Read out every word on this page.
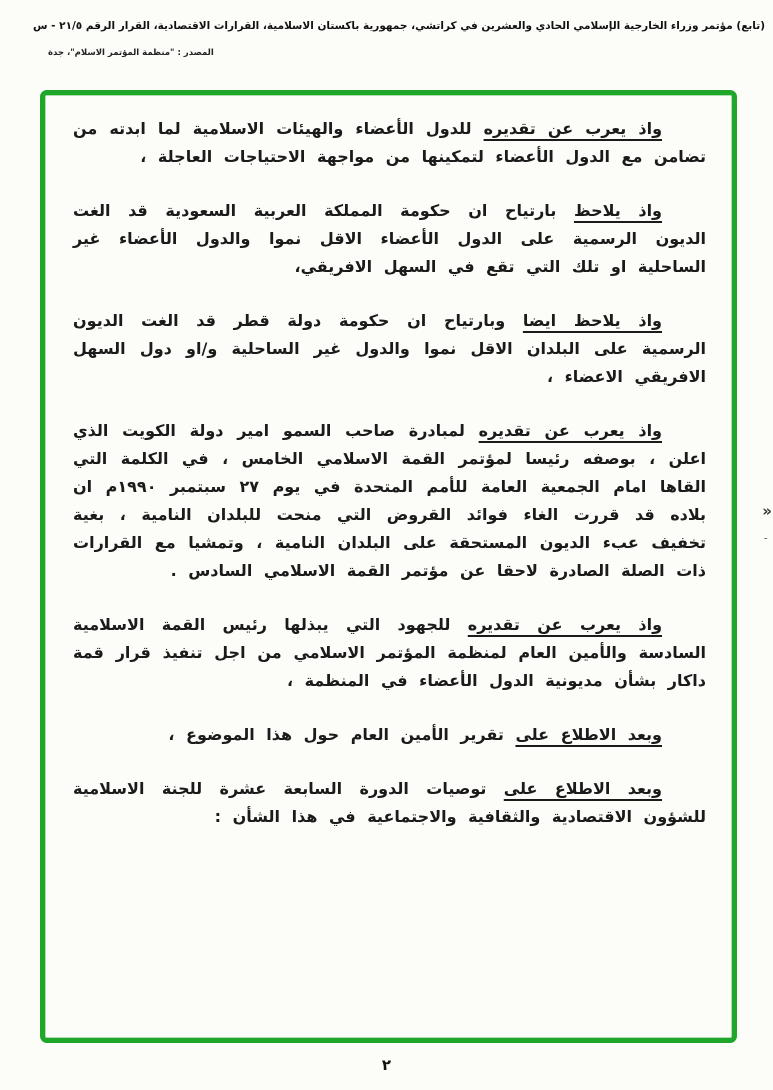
(تابع) مؤتمر وزراء الخارجية الإسلامي الحادي والعشرين في كراتشي، جمهورية باكستان الاسلامية، القرارات الاقتصادية، القرار الرقم ٢١/٥ - س
المصدر : "منظمة المؤتمر الاسلام"، جدة

واذ يعرب عن تقديره للدول الأعضاء والهيئات الاسلامية لما ابدته من تضامن مع الدول الأعضاء لتمكينها من مواجهة الاحتياجات العاجلة ،

واذ يلاحظ بارتياح ان حكومة المملكة العربية السعودية قد الغت الديون الرسمية على الدول الأعضاء الاقل نموا والدول الأعضاء غير الساحلية او تلك التي تقع في السهل الافريقي،

واذ يلاحظ ايضا وبارتياح ان حكومة دولة قطر قد الغت الديون الرسمية على البلدان الاقل نموا والدول غير الساحلية و/او دول السهل الافريقي الاعضاء ،

واذ يعرب عن تقديره لمبادرة صاحب السمو امير دولة الكويت الذي اعلن ، بوصفه رئيسا لمؤتمر القمة الاسلامي الخامس ، في الكلمة التي القاها امام الجمعية العامة للأمم المتحدة في يوم ٢٧ سبتمبر ١٩٩٠م ان بلاده قد قررت الغاء فوائد القروض التي منحت للبلدان النامية ، بغية تخفيف عبء الديون المستحقة على البلدان النامية ، وتمشيا مع القرارات ذات الصلة الصادرة لاحقا عن مؤتمر القمة الاسلامي السادس .

واذ يعرب عن تقديره للجهود التي يبذلها رئيس القمة الاسلامية السادسة والأمين العام لمنظمة المؤتمر الاسلامي من اجل تنفيذ قرار قمة داكار بشأن مديونية الدول الأعضاء في المنظمة ،

وبعد الاطلاع على تقرير الأمين العام حول هذا الموضوع ،

وبعد الاطلاع على توصيات الدورة السابعة عشرة للجنة الاسلامية للشؤون الاقتصادية والثقافية والاجتماعية في هذا الشأن :

«
ـ
٢
